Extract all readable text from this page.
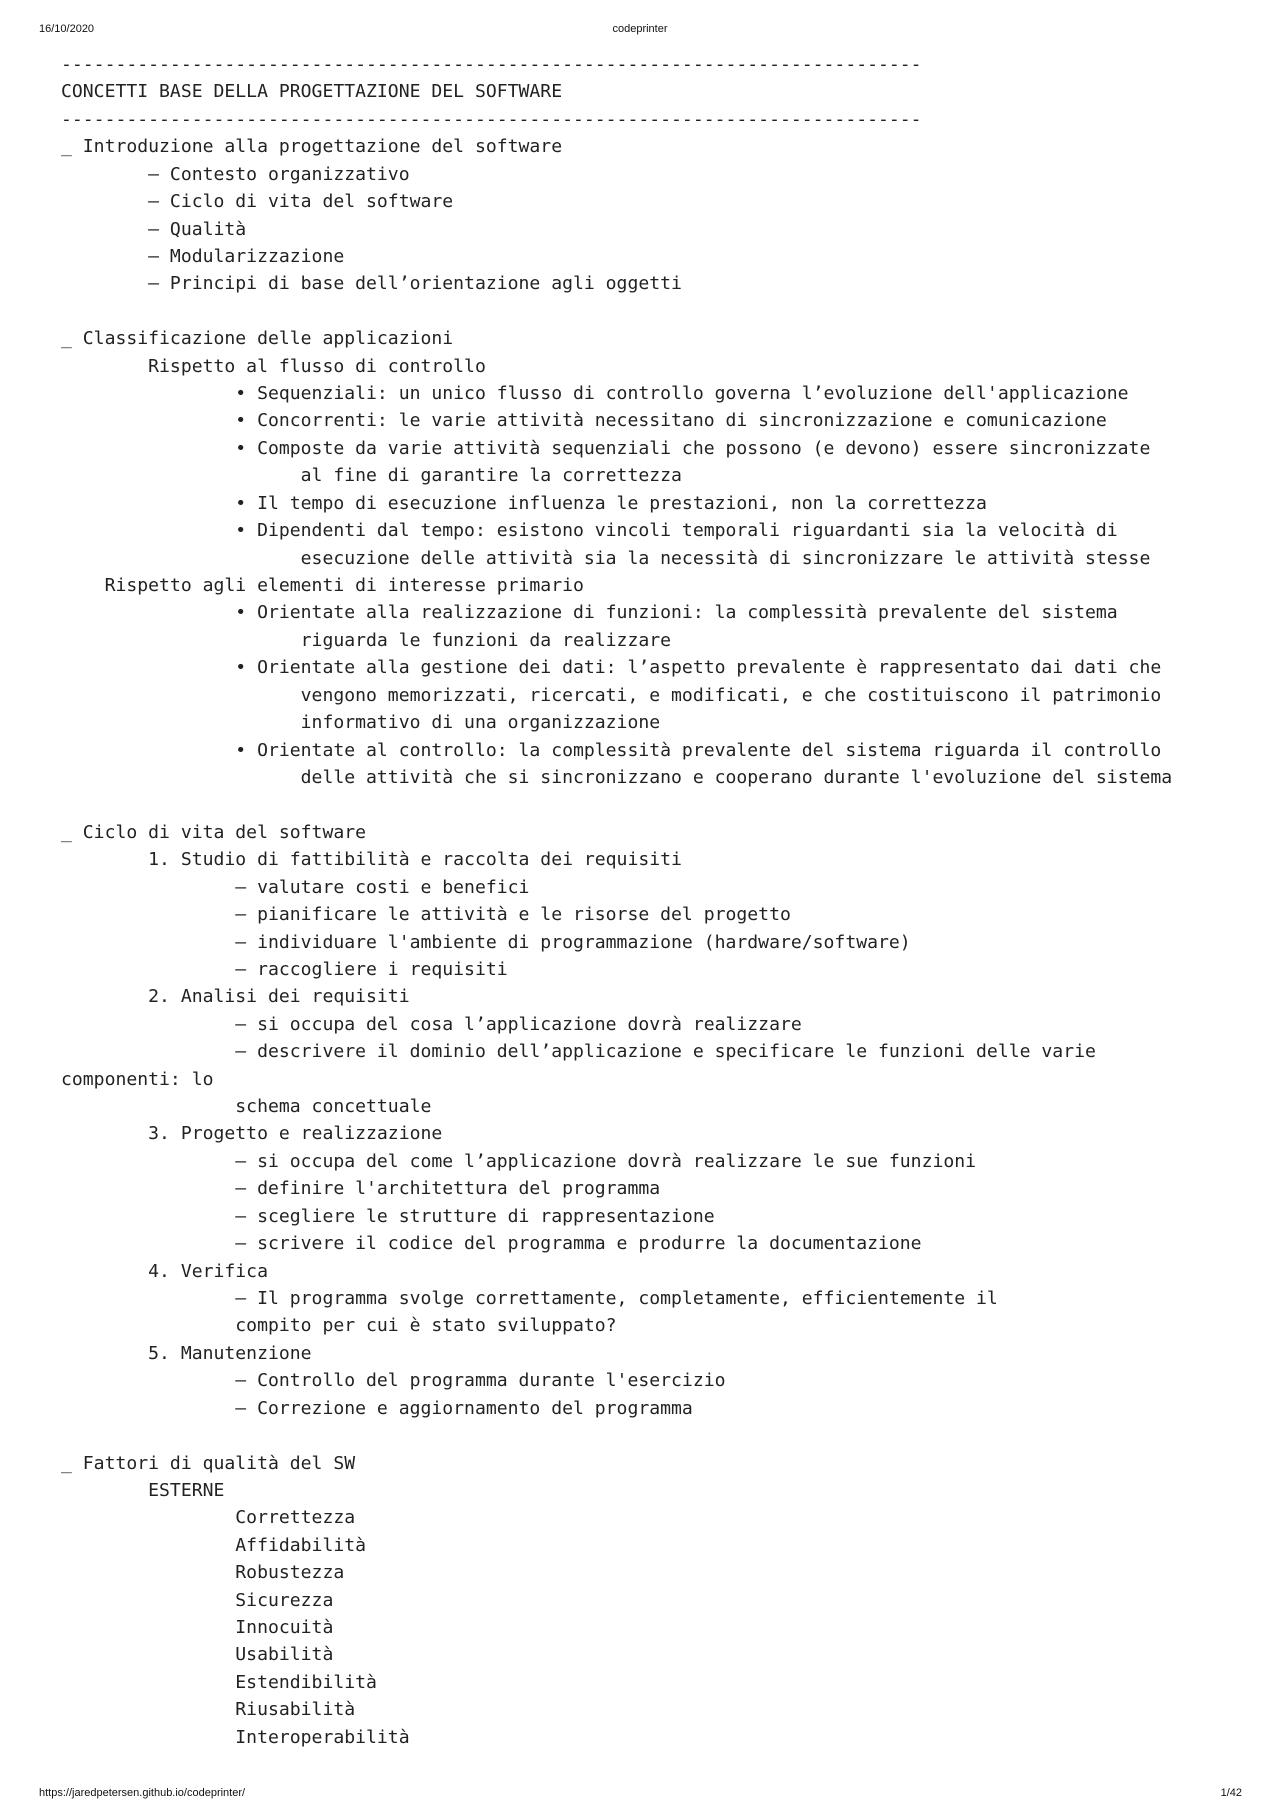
16/10/2020	codeprinter
-------------------------------------------------------------------------------
CONCETTI BASE DELLA PROGETTAZIONE DEL SOFTWARE
-------------------------------------------------------------------------------
_ Introduzione alla progettazione del software
– Contesto organizzativo
– Ciclo di vita del software
– Qualità
– Modularizzazione
– Principi di base dell’orientazione agli oggetti
_ Classificazione delle applicazioni
Rispetto al flusso di controllo
• Sequenziali: un unico flusso di controllo governa l’evoluzione dell'applicazione
• Concorrenti: le varie attività necessitano di sincronizzazione e comunicazione
• Composte da varie attività sequenziali che possono (e devono) essere sincronizzate
al fine di garantire la correttezza
• Il tempo di esecuzione influenza le prestazioni, non la correttezza
• Dipendenti dal tempo: esistono vincoli temporali riguardanti sia la velocità di
esecuzione delle attività sia la necessità di sincronizzare le attività stesse
Rispetto agli elementi di interesse primario
• Orientate alla realizzazione di funzioni: la complessità prevalente del sistema
riguarda le funzioni da realizzare
• Orientate alla gestione dei dati: l’aspetto prevalente è rappresentato dai dati che
vengono memorizzati, ricercati, e modificati, e che costituiscono il patrimonio
informativo di una organizzazione
• Orientate al controllo: la complessità prevalente del sistema riguarda il controllo
delle attività che si sincronizzano e cooperano durante l'evoluzione del sistema
_ Ciclo di vita del software
1. Studio di fattibilità e raccolta dei requisiti
– valutare costi e benefici
– pianificare le attività e le risorse del progetto
– individuare l'ambiente di programmazione (hardware/software)
– raccogliere i requisiti
2. Analisi dei requisiti
– si occupa del cosa l’applicazione dovrà realizzare
– descrivere il dominio dell’applicazione e specificare le funzioni delle varie
componenti: lo
schema concettuale
3. Progetto e realizzazione
– si occupa del come l’applicazione dovrà realizzare le sue funzioni
– definire l'architettura del programma
– scegliere le strutture di rappresentazione
– scrivere il codice del programma e produrre la documentazione
4. Verifica
– Il programma svolge correttamente, completamente, efficientemente il
compito per cui è stato sviluppato?
5. Manutenzione
– Controllo del programma durante l'esercizio
– Correzione e aggiornamento del programma
_ Fattori di qualità del SW
ESTERNE
Correttezza
Affidabilità
Robustezza
Sicurezza
Innocuità
Usabilità
Estendibilità
Riusabilità
Interoperabilità
https://jaredpetersen.github.io/codeprinter/	1/42
